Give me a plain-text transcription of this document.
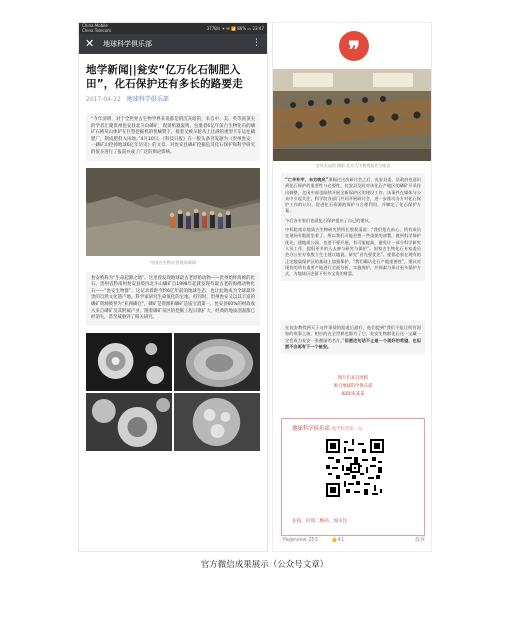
China Mobile
China Telecom	3778/s ☀ ✉ 📶 86% ▭ 23:47
✕ 地球科学俱乐部	⋮
地学新闻||瓮安“亿万化石制肥入田”，化石保护还有多长的路要走
2017-04-12 地球科学俱乐部
“今年清明，对于全世界古生物学界来说都是阴沉灰暗的，来自中、美、英等国顶尖的学者汇聚贵州瓮安县北斗山磷矿，现场机器轰鸣，包裹着6亿年前古生物化石的磷矿石被从山体铲在巨型挖掘机的机械臂下，接着又被车轮从上还满的重型卡车运往磷肥厂，制成肥料入田地。”4月10日，《科技日报》在一版头条刊发题为《贵州瓮安：一磷矿山挖掉地球6亿年历史》的文章。对瓮安县磷矿挖掘危及化石保护和科学研究的很多进行了报道并成了广泛的舆论影响。
中国古生物学者现场调研
瓮安被称为“生命起源之地”。这里曾发现地球最古老原始动物——贵州始杯海绵的化石。贵州省黔南州瓮安县境内北斗山磷矿自1998年起就发现有最古老的海绵动物化石——“瓮安生物群”。这记录着距今约6亿年前的地球生态，也让此地成为全球最珍贵的自然文化遗产地。科学家研究生命演化的宝地。但同时，贵州瓮安又以其丰富的磷矿资源被誉为“亚洲磷仓”，磷矿是资源和磷矿是质宝消第一。瓮安县60%的财政收入来自磷矿及其附属产业，随着磷矿采区的挖掘工程日渐扩大，经典的地质剖面都已经消失，甚至威胁到了相关研究。
❞
会议实况图 摄影 北京大学教授报告与座谈
“亡羊补牢，未为晚矣”事隔过这次研讨会之后，瓮安县委、县政府也意识到化石保护的重要性与必要性，瓮安县及时对该化石产地区的磷矿开采作出调整，北冈中部也陆续开展全新保护区的建设工作。该事件在媒体与公众中引起关注，科学院各部门共同开展研讨会，进一步推动各方对化石保护工作的认识，促进化石资源的保护与合理利用，并制定了化石保护方案。
今后各专家们也就化石保护提出了自己的建议。
中科院南京地质古生物研究所所长殷积清说：“我们抢在前心，所有成员在现场有限面坐着了，所以我们可能会想一些重要的部署，做到科学保护优先，建地质公园、也要不要开展，有可能提高，避免让一部分科学研究人员工作，提倡更多的人去参与研究与保护”。国家古生物化石专家委员会办公室专家殷立生主建议地说，研究“首先要优先”。提倡必须在现有的正定地质保护区的基础上加强保护。“我们确认化石产地重要性”，建议对现有的所有重要产地进行全面分析，实施保护，并探索与探讨更多保护方式，为地球历史留下更多宝贵的财富。
在瓮安教授两天于这件事情的报道后最后，他们提到“我们不能让所有国家的故事上演，相应的在全世界也都为了它，瓮安生物群化石这一宝藏一定会成为瓮安一张靓丽的名片。”但愿这句话不止是一个美好的希望，也但愿不会再有下一个瓮安。
图片均来自网络
源自地球科学俱乐部
编辑/朱某某
地球科学俱乐部 地学科普第一站
长按，识别二维码，加关注
Pageview 253	👍41	投诉
官方微信成果展示（公众号文章）
